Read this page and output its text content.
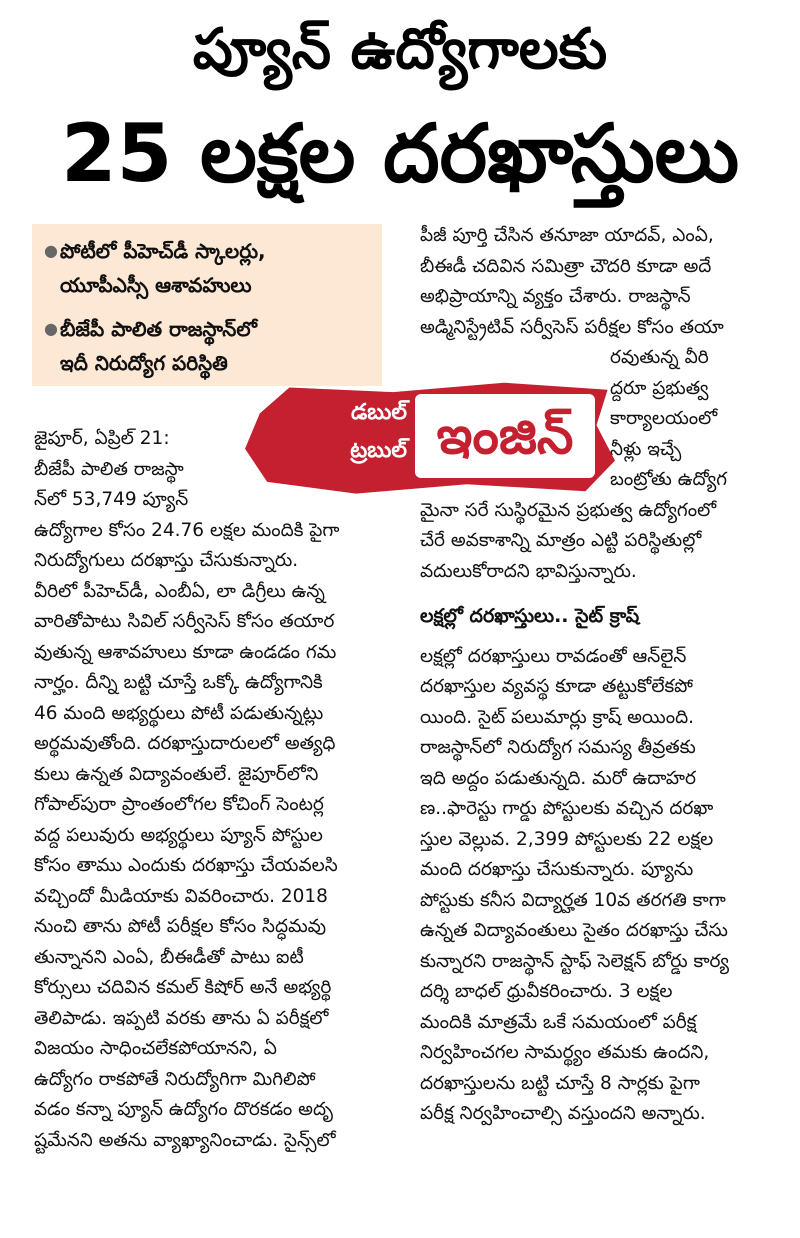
ప్యూన్ ఉద్యోగాలకు
25 లక్షల దరఖాస్తులు
● పోటీలో పీహెచ్‌డీ స్కాలర్లు,
యూపీఎస్సీ ఆశావహులు
● బీజేపీ పాలిత రాజస్థాన్‌లో
ఇదీ నిరుద్యోగ పరిస్థితి
జైపూర్, ఏప్రిల్ 21:
బీజేపీ పాలిత రాజస్థా
న్‌లో 53,749 ప్యూన్
ఉద్యోగాల కోసం 24.76 లక్షల మందికి పైగా
నిరుద్యోగులు దరఖాస్తు చేసుకున్నారు.
వీరిలో పీహెచ్‌డీ, ఎంబీఏ, లా డిగ్రీలు ఉన్న
వారితోపాటు సివిల్ సర్వీసెస్ కోసం తయార
వుతున్న ఆశావహులు కూడా ఉండడం గమ
నార్హం. దీన్ని బట్టి చూస్తే ఒక్కో ఉద్యోగానికి
46 మంది అభ్యర్థులు పోటీ పడుతున్నట్లు
అర్థమవుతోంది. దరఖాస్తుదారులలో అత్యధి
కులు ఉన్నత విద్యావంతులే. జైపూర్‌లోని
గోపాల్‌పురా ప్రాంతంలోగల కోచింగ్ సెంటర్ల
వద్ద పలువురు అభ్యర్థులు ప్యూన్ పోస్టుల
కోసం తాము ఎందుకు దరఖాస్తు చేయవలసి
వచ్చిందో మీడియాకు వివరించారు. 2018
నుంచి తాను పోటీ పరీక్షల కోసం సిద్ధమవు
తున్నానని ఎంఏ, బీఈడీతో పాటు ఐటీ
కోర్సులు చదివిన కమల్ కిషోర్ అనే అభ్యర్థి
తెలిపాడు. ఇప్పటి వరకు తాను ఏ పరీక్షలో
విజయం సాధించలేకపోయానని, ఏ
ఉద్యోగం రాకపోతే నిరుద్యోగిగా మిగిలిపో
వడం కన్నా ప్యూన్ ఉద్యోగం దొరకడం అదృ
ష్టమేనని అతను వ్యాఖ్యానించాడు. సైన్స్‌లో
పీజీ పూర్తి చేసిన తనూజా యాదవ్, ఎంఏ,
బీఈడీ చదివిన సమిత్రా చౌదరి కూడా అదే
అభిప్రాయాన్ని వ్యక్తం చేశారు. రాజస్థాన్
అడ్మినిస్ట్రేటివ్ సర్వీసెస్ పరీక్షల కోసం తయా
రవుతున్న వీరి
ద్దరూ ప్రభుత్వ
కార్యాలయంలో
నీళ్లు ఇచ్చే
బంట్రోతు ఉద్యోగ
మైనా సరే సుస్థిరమైన ప్రభుత్వ ఉద్యోగంలో
చేరే అవకాశాన్ని మాత్రం ఎట్టి పరిస్థితుల్లో
వదులుకోరాదని భావిస్తున్నారు.
లక్షల్లో దరఖాస్తులు.. సైట్ క్రాష్
లక్షల్లో దరఖాస్తులు రావడంతో ఆన్‌లైన్
దరఖాస్తుల వ్యవస్థ కూడా తట్టుకోలేకపో
యింది. సైట్ పలుమార్లు క్రాష్ అయింది.
రాజస్థాన్‌లో నిరుద్యోగ సమస్య తీవ్రతకు
ఇది అద్దం పడుతున్నది. మరో ఉదాహర
ణ..ఫారెస్టు గార్డు పోస్టులకు వచ్చిన దరఖా
స్తుల వెల్లువ. 2,399 పోస్టులకు 22 లక్షల
మంది దరఖాస్తు చేసుకున్నారు. ప్యూను
పోస్టుకు కనీస విద్యార్హత 10వ తరగతి కాగా
ఉన్నత విద్యావంతులు సైతం దరఖాస్తు చేసు
కున్నారని రాజస్థాన్ స్టాఫ్ సెలెక్షన్ బోర్డు కార్య
దర్శి బాధల్ ధ్రువీకరించారు. 3 లక్షల
మందికి మాత్రమే ఒకే సమయంలో పరీక్ష
నిర్వహించగల సామర్థ్యం తమకు ఉందని,
దరఖాస్తులను బట్టి చూస్తే 8 సార్లకు పైగా
పరీక్ష నిర్వహించాల్సి వస్తుందని అన్నారు.
డబుల్
ట్రబుల్ ఇంజిన్
